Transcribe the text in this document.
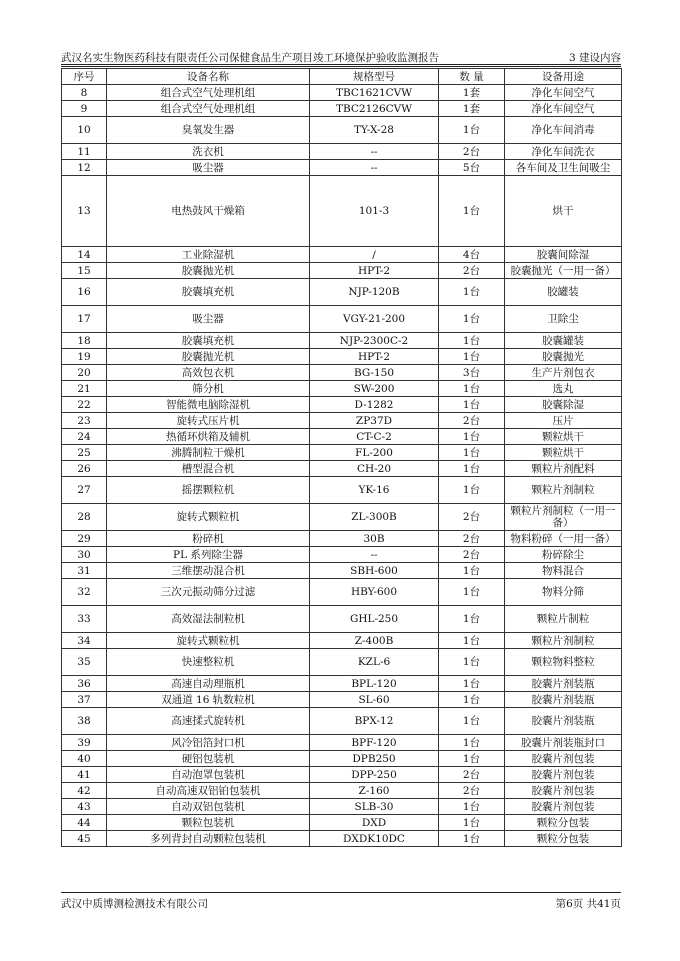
武汉名实生物医药科技有限责任公司保健食品生产项目竣工环境保护验收监测报告	3 建设内容
序号	设备名称	规格型号	数 量	设备用途
8	组合式空气处理机组	TBC1621CVW	1套	净化车间空气
9	组合式空气处理机组	TBC2126CVW	1套	净化车间空气
10	臭氧发生器	TY-X-28	1台	净化车间消毒
11	洗衣机	--	2台	净化车间洗衣
12	吸尘器	--	5台	各车间及卫生间吸尘
13	电热鼓风干燥箱	101-3	1台	烘干
14	工业除湿机	/	4台	胶囊间除湿
15	胶囊抛光机	HPT-2	2台	胶囊抛光（一用一备）
16	胶囊填充机	NJP-120B	1台	胶罐装
17	吸尘器	VGY-21-200	1台	卫除尘
18	胶囊填充机	NJP-2300C-2	1台	胶囊罐装
19	胶囊抛光机	HPT-2	1台	胶囊抛光
20	高效包衣机	BG-150	3台	生产片剂包衣
21	筛分机	SW-200	1台	选丸
22	智能微电脑除湿机	D-1282	1台	胶囊除湿
23	旋转式压片机	ZP37D	2台	压片
24	热循环烘箱及辅机	CT-C-2	1台	颗粒烘干
25	沸腾制粒干燥机	FL-200	1台	颗粒烘干
26	槽型混合机	CH-20	1台	颗粒片剂配料
27	摇摆颗粒机	YK-16	1台	颗粒片剂制粒
28	旋转式颗粒机	ZL-300B	2台	颗粒片剂制粒（一用一备）
29	粉碎机	30B	2台	物料粉碎（一用一备）
30	PL 系列除尘器	--	2台	粉碎除尘
31	三维摆动混合机	SBH-600	1台	物料混合
32	三次元振动筛分过滤	HBY-600	1台	物料分筛
33	高效湿法制粒机	GHL-250	1台	颗粒片制粒
34	旋转式颗粒机	Z-400B	1台	颗粒片剂制粒
35	快速整粒机	KZL-6	1台	颗粒物料整粒
36	高速自动理瓶机	BPL-120	1台	胶囊片剂装瓶
37	双通道 16 轨数粒机	SL-60	1台	胶囊片剂装瓶
38	高速揉式旋转机	BPX-12	1台	胶囊片剂装瓶
39	风冷铝箔封口机	BPF-120	1台	胶囊片剂装瓶封口
40	硬铝包装机	DPB250	1台	胶囊片剂包装
41	自动泡罩包装机	DPP-250	2台	胶囊片剂包装
42	自动高速双铝铂包装机	Z-160	2台	胶囊片剂包装
43	自动双铝包装机	SLB-30	1台	胶囊片剂包装
44	颗粒包装机	DXD	1台	颗粒分包装
45	多列背封自动颗粒包装机	DXDK10DC	1台	颗粒分包装
武汉中质博测检测技术有限公司	第6页 共41页
